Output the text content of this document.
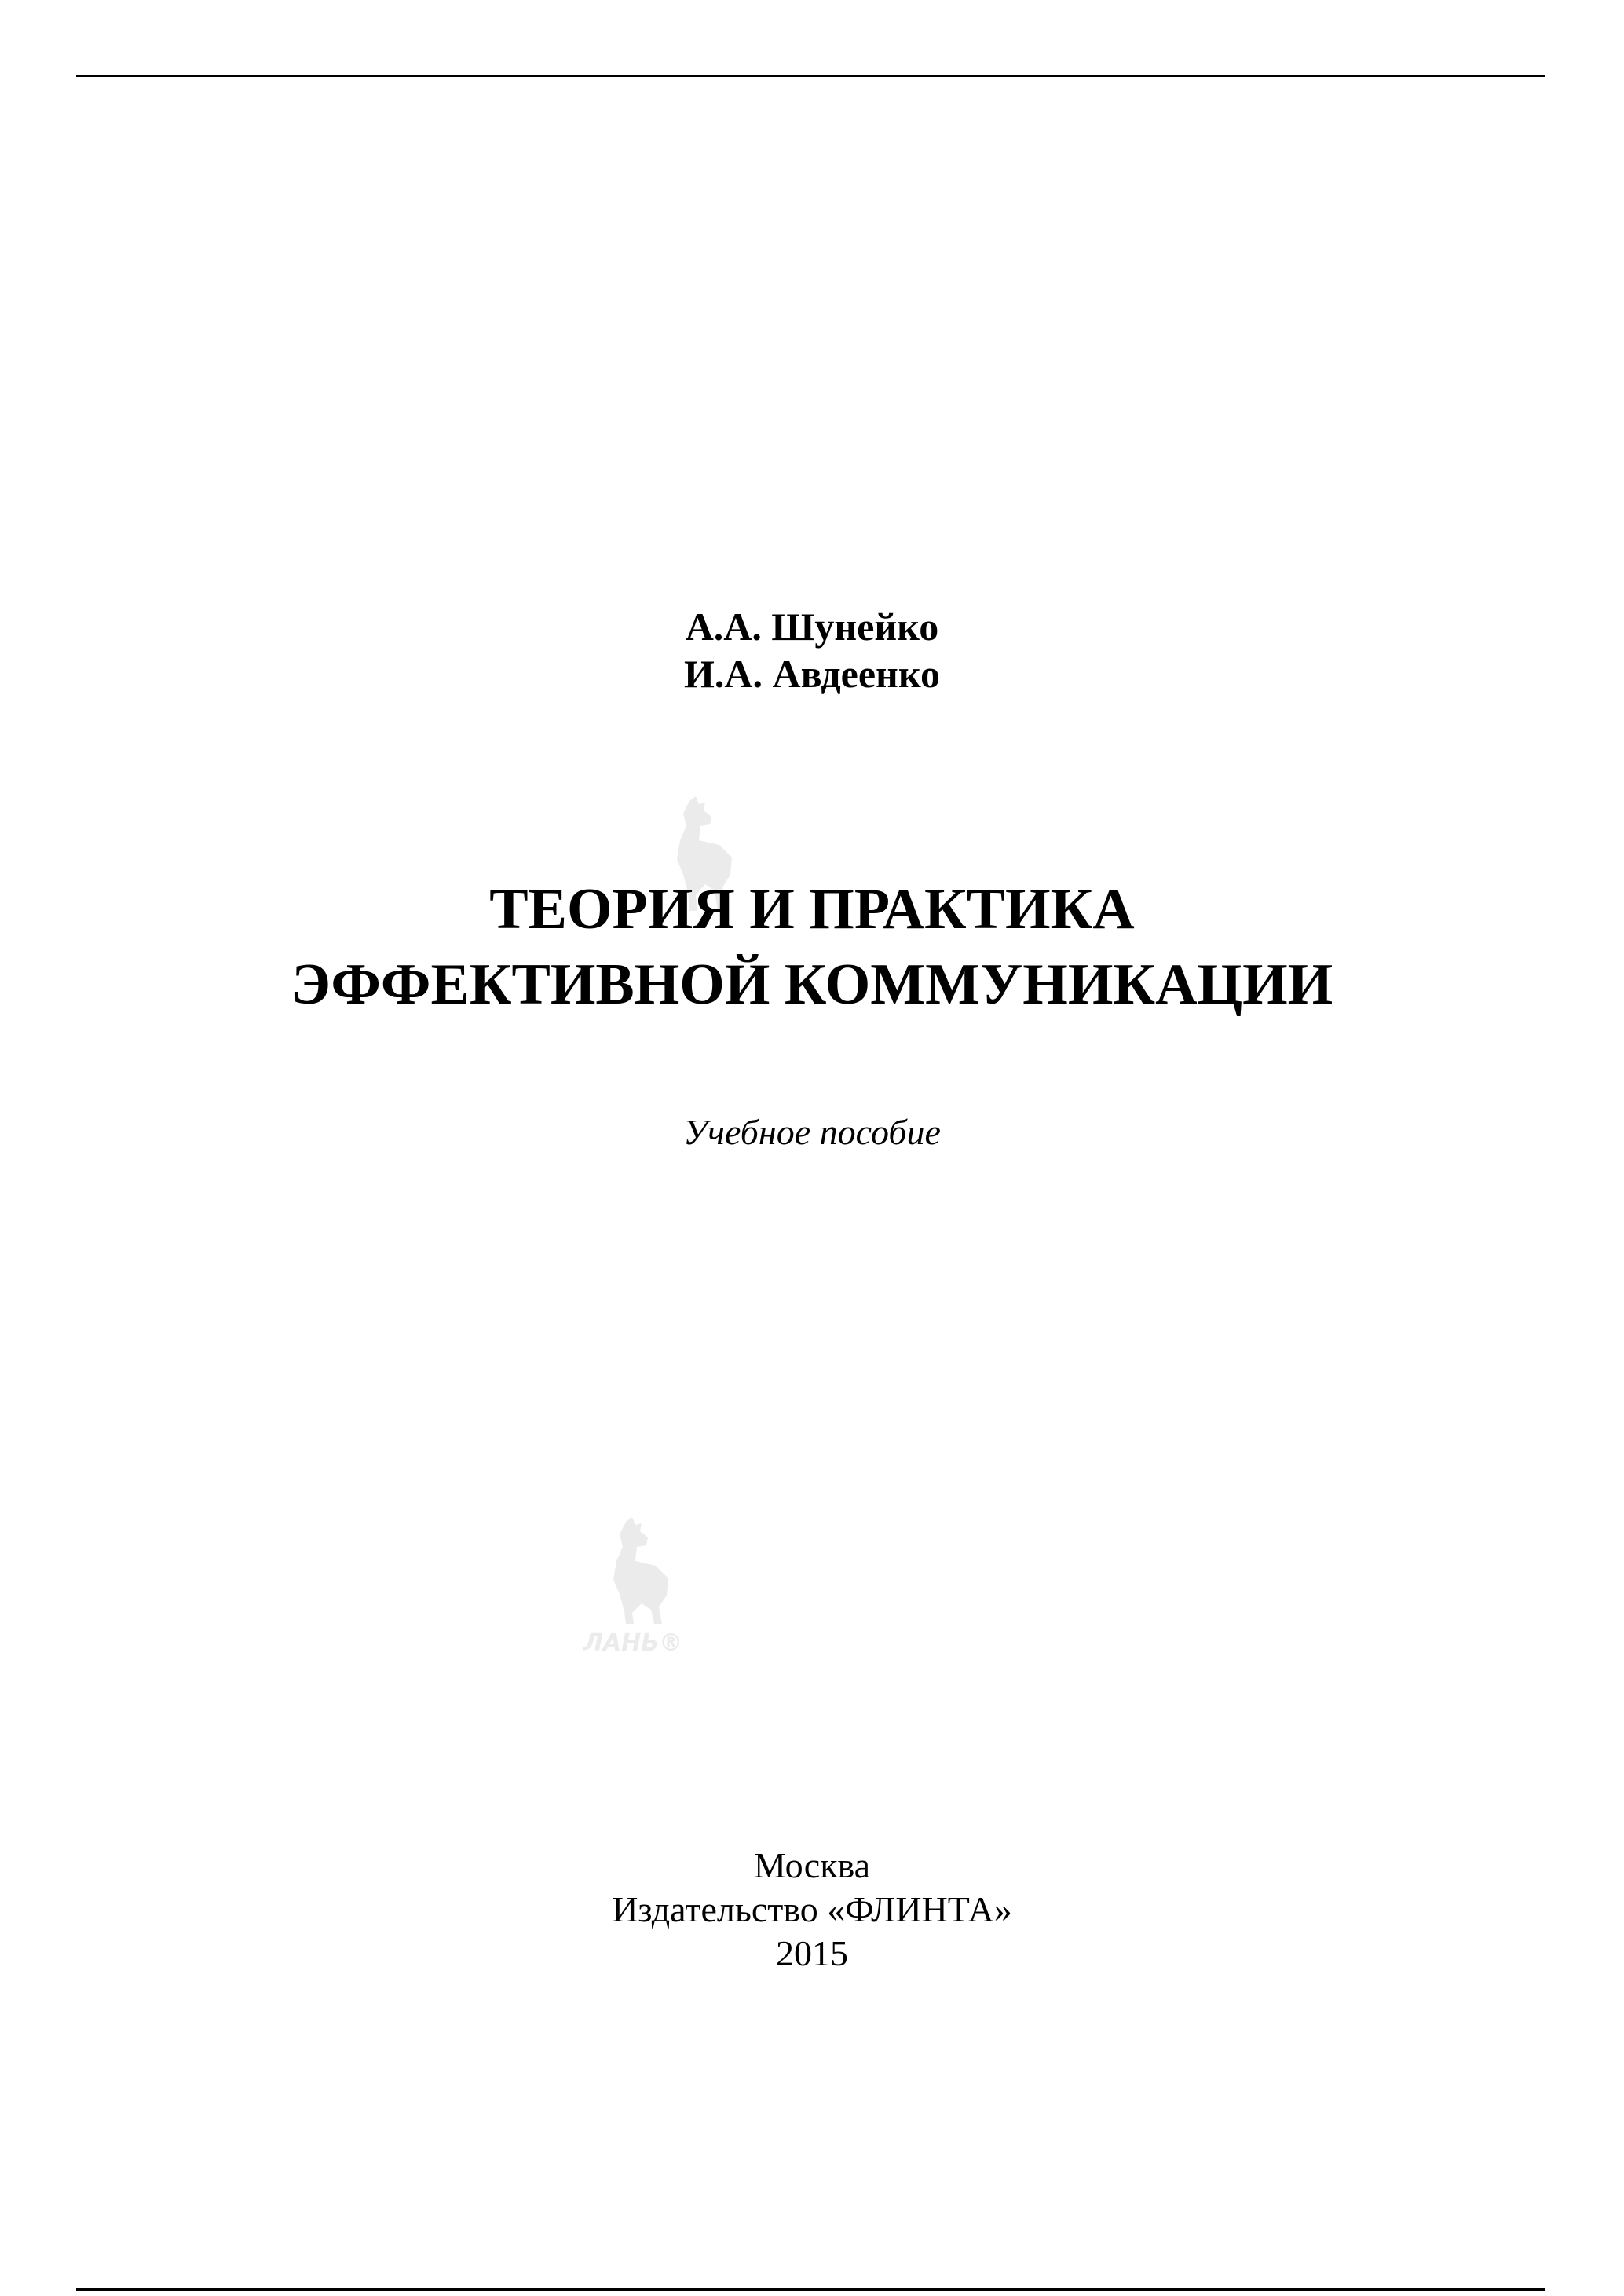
ЛАНЬ®
А.А. Шунейко
И.А. Авдеенко
ТЕОРИЯ И ПРАКТИКА
ЭФФЕКТИВНОЙ КОММУНИКАЦИИ
Учебное пособие
Москва
Издательство «ФЛИНТА»
2015
